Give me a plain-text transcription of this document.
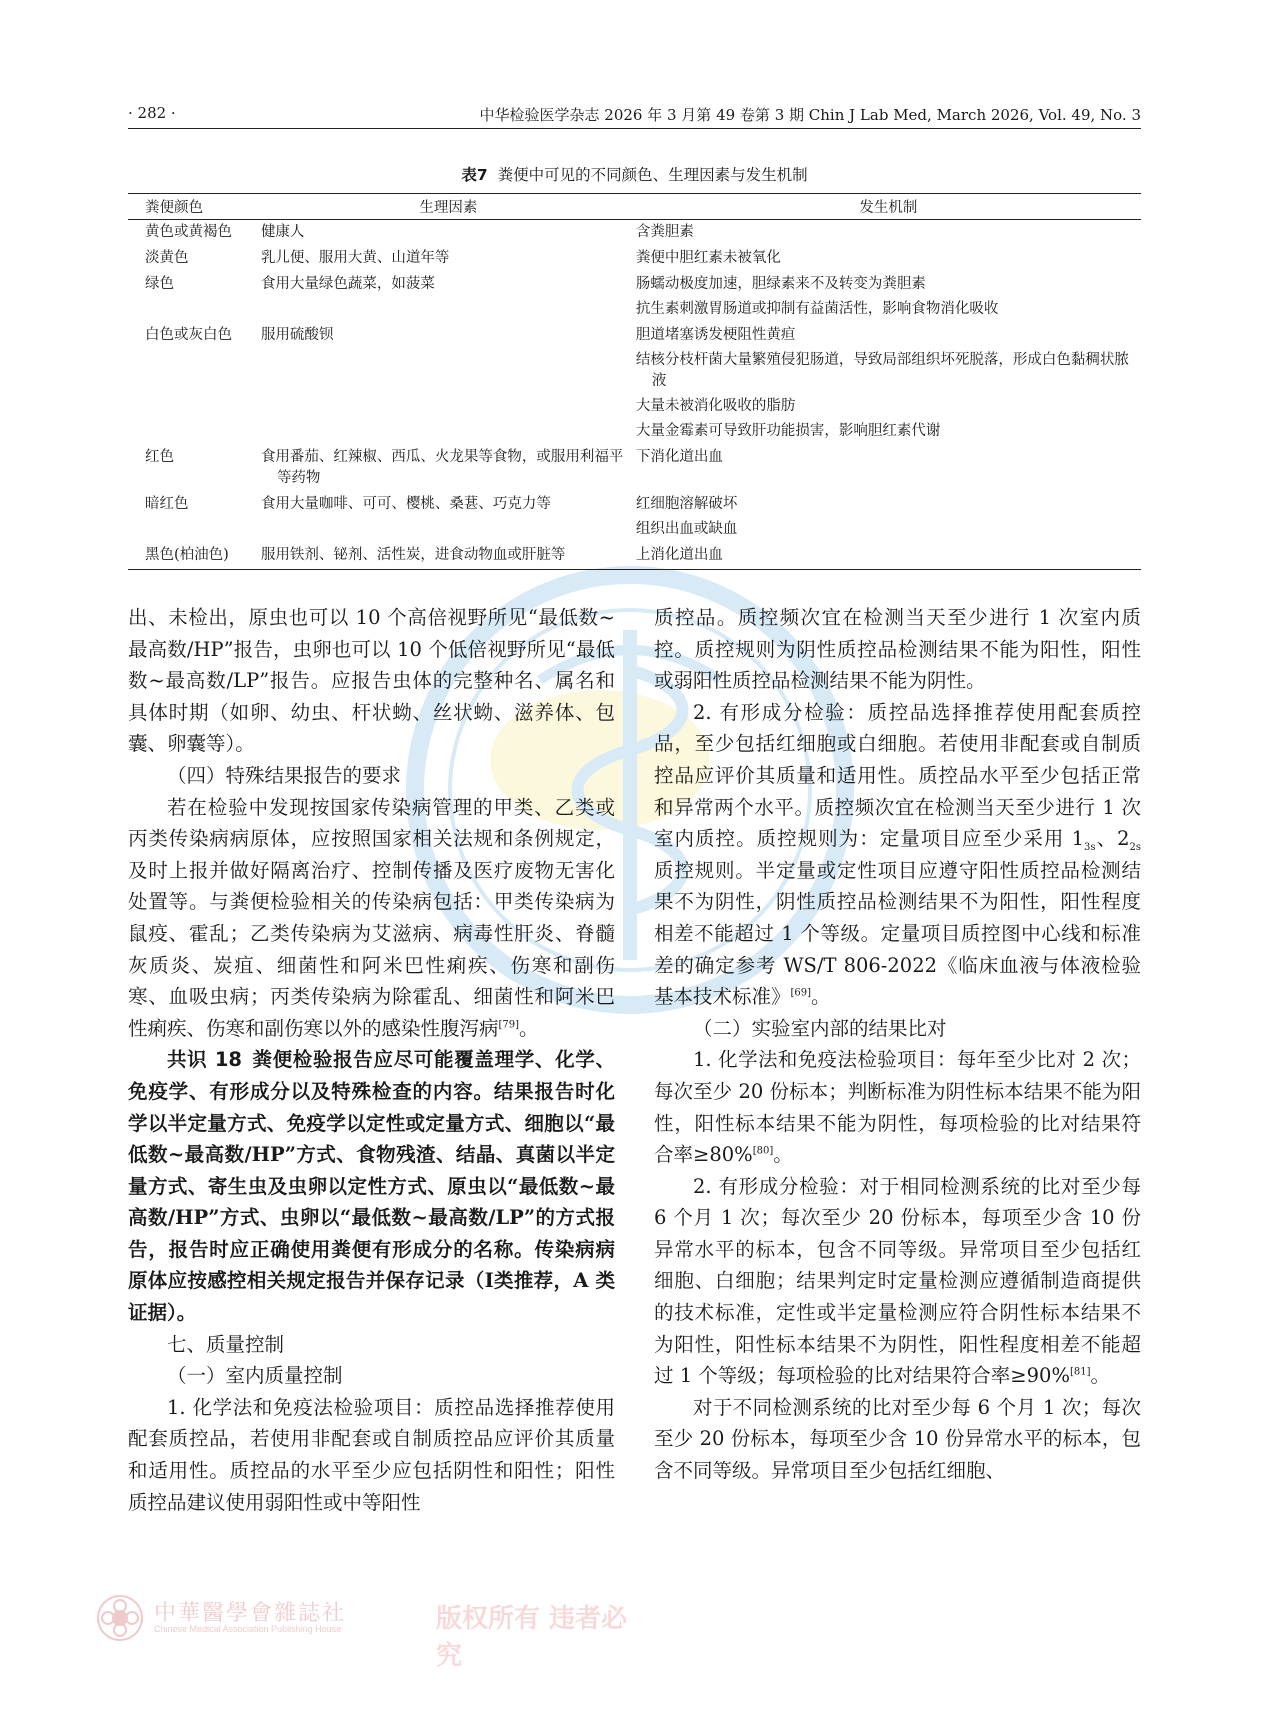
中華醫學會雜誌社
Chinese Medical Association Publishing House	版权所有 违者必究
· 282 ·	中华检验医学杂志 2026 年 3 月第 49 卷第 3 期 Chin J Lab Med, March 2026, Vol. 49, No. 3
表7 粪便中可见的不同颜色、生理因素与发生机制
粪便颜色	生理因素	发生机制
黄色或黄褐色	健康人	含粪胆素

淡黄色	乳儿便、服用大黄、山道年等	粪便中胆红素未被氧化

绿色	食用大量绿色蔬菜，如菠菜	肠蠕动极度加速，胆绿素来不及转变为粪胆素
抗生素刺激胃肠道或抑制有益菌活性，影响食物消化吸收

白色或灰白色	服用硫酸钡	胆道堵塞诱发梗阻性黄疸
结核分枝杆菌大量繁殖侵犯肠道，导致局部组织坏死脱落，形成白色黏稠状脓液
大量未被消化吸收的脂肪
大量金霉素可导致肝功能损害，影响胆红素代谢

红色	食用番茄、红辣椒、西瓜、火龙果等食物，或服用利福平等药物	下消化道出血

暗红色	食用大量咖啡、可可、樱桃、桑葚、巧克力等	红细胞溶解破坏
组织出血或缺血

黑色(柏油色)	服用铁剂、铋剂、活性炭，进食动物血或肝脏等	上消化道出血

出、未检出，原虫也可以 10 个高倍视野所见“最低数~最高数/HP”报告，虫卵也可以 10 个低倍视野所见“最低数~最高数/LP”报告。应报告虫体的完整种名、属名和具体时期（如卵、幼虫、杆状蚴、丝状蚴、滋养体、包囊、卵囊等）。

（四）特殊结果报告的要求

若在检验中发现按国家传染病管理的甲类、乙类或丙类传染病病原体，应按照国家相关法规和条例规定，及时上报并做好隔离治疗、控制传播及医疗废物无害化处置等。与粪便检验相关的传染病包括：甲类传染病为鼠疫、霍乱；乙类传染病为艾滋病、病毒性肝炎、脊髓灰质炎、炭疽、细菌性和阿米巴性痢疾、伤寒和副伤寒、血吸虫病；丙类传染病为除霍乱、细菌性和阿米巴性痢疾、伤寒和副伤寒以外的感染性腹泻病[79]。

共识 18 粪便检验报告应尽可能覆盖理学、化学、免疫学、有形成分以及特殊检查的内容。结果报告时化学以半定量方式、免疫学以定性或定量方式、细胞以“最低数~最高数/HP”方式、食物残渣、结晶、真菌以半定量方式、寄生虫及虫卵以定性方式、原虫以“最低数~最高数/HP”方式、虫卵以“最低数~最高数/LP”的方式报告，报告时应正确使用粪便有形成分的名称。传染病病原体应按感控相关规定报告并保存记录（Ⅰ类推荐，A 类证据）。

七、质量控制

（一）室内质量控制

1. 化学法和免疫法检验项目：质控品选择推荐使用配套质控品，若使用非配套或自制质控品应评价其质量和适用性。质控品的水平至少应包括阴性和阳性；阳性质控品建议使用弱阳性或中等阳性

质控品。质控频次宜在检测当天至少进行 1 次室内质控。质控规则为阴性质控品检测结果不能为阳性，阳性或弱阳性质控品检测结果不能为阴性。

2. 有形成分检验：质控品选择推荐使用配套质控品，至少包括红细胞或白细胞。若使用非配套或自制质控品应评价其质量和适用性。质控品水平至少包括正常和异常两个水平。质控频次宜在检测当天至少进行 1 次室内质控。质控规则为：定量项目应至少采用 $1_{3s}$、$2_{2s}$ 质控规则。半定量或定性项目应遵守阳性质控品检测结果不为阴性，阴性质控品检测结果不为阳性，阳性程度相差不能超过 1 个等级。定量项目质控图中心线和标准差的确定参考 WS/T 806-2022《临床血液与体液检验基本技术标准》[69]。

（二）实验室内部的结果比对

1. 化学法和免疫法检验项目：每年至少比对 2 次；每次至少 20 份标本；判断标准为阴性标本结果不能为阳性，阳性标本结果不能为阴性，每项检验的比对结果符合率≥80%[80]。

2. 有形成分检验：对于相同检测系统的比对至少每 6 个月 1 次；每次至少 20 份标本，每项至少含 10 份异常水平的标本，包含不同等级。异常项目至少包括红细胞、白细胞；结果判定时定量检测应遵循制造商提供的技术标准，定性或半定量检测应符合阴性标本结果不为阳性，阳性标本结果不为阴性，阳性程度相差不能超过 1 个等级；每项检验的比对结果符合率≥90%[81]。

对于不同检测系统的比对至少每 6 个月 1 次；每次至少 20 份标本，每项至少含 10 份异常水平的标本，包含不同等级。异常项目至少包括红细胞、
